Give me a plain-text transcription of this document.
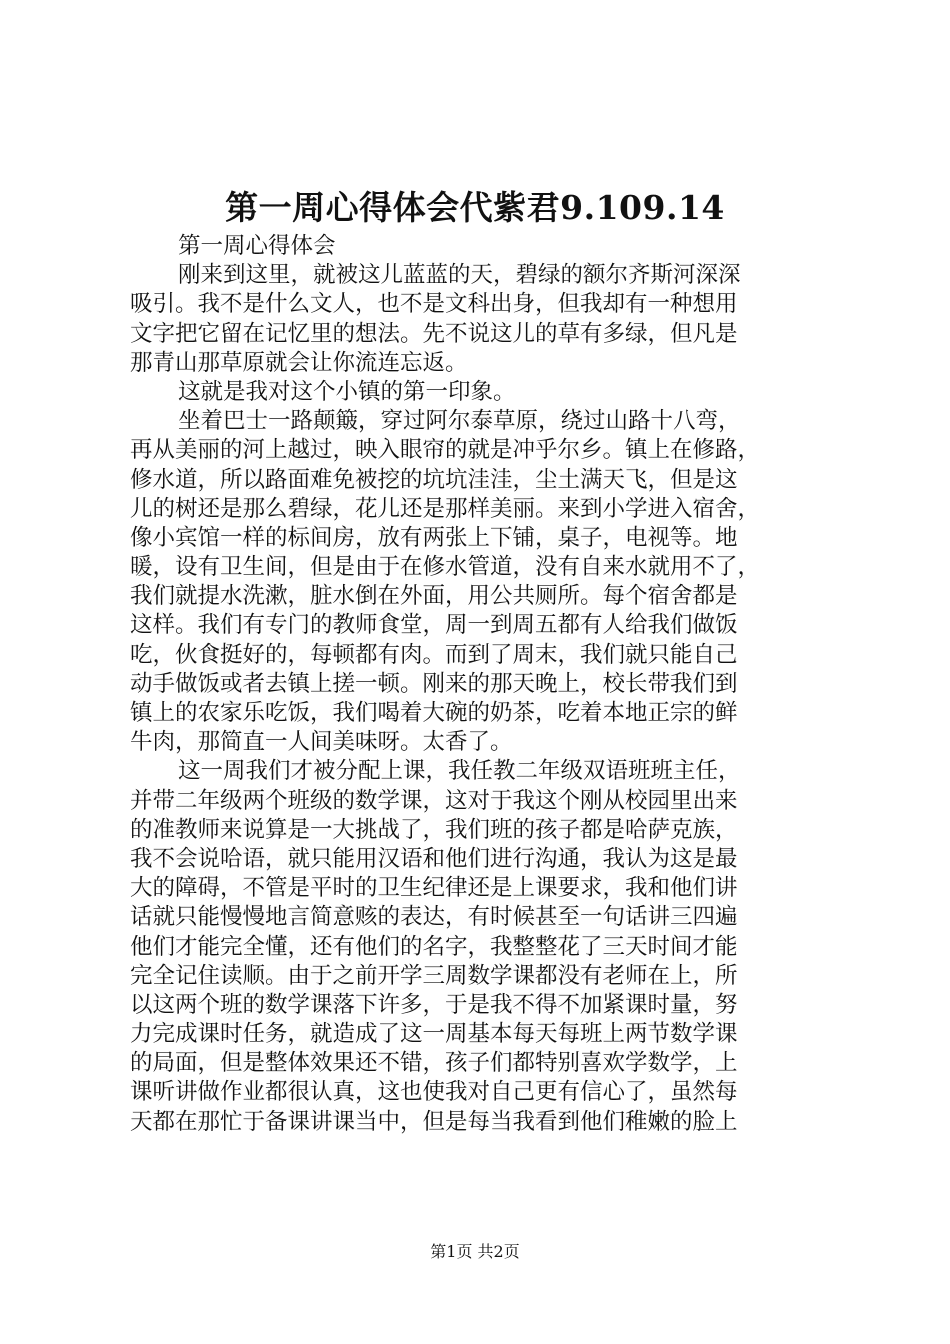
第一周心得体会代紫君9.109.14
第一周心得体会
刚来到这里，就被这儿蓝蓝的天，碧绿的额尔齐斯河深深
吸引。我不是什么文人，也不是文科出身，但我却有一种想用
文字把它留在记忆里的想法。先不说这儿的草有多绿，但凡是
那青山那草原就会让你流连忘返。
这就是我对这个小镇的第一印象。
坐着巴士一路颠簸，穿过阿尔泰草原，绕过山路十八弯，
再从美丽的河上越过，映入眼帘的就是冲乎尔乡。镇上在修路，
修水道，所以路面难免被挖的坑坑洼洼，尘土满天飞，但是这
儿的树还是那么碧绿，花儿还是那样美丽。来到小学进入宿舍，
像小宾馆一样的标间房，放有两张上下铺，桌子，电视等。地
暖，设有卫生间，但是由于在修水管道，没有自来水就用不了，
我们就提水洗漱，脏水倒在外面，用公共厕所。每个宿舍都是
这样。我们有专门的教师食堂，周一到周五都有人给我们做饭
吃，伙食挺好的，每顿都有肉。而到了周末，我们就只能自己
动手做饭或者去镇上搓一顿。刚来的那天晚上，校长带我们到
镇上的农家乐吃饭，我们喝着大碗的奶茶，吃着本地正宗的鲜
牛肉，那简直一人间美味呀。太香了。
这一周我们才被分配上课，我任教二年级双语班班主任，
并带二年级两个班级的数学课，这对于我这个刚从校园里出来
的准教师来说算是一大挑战了，我们班的孩子都是哈萨克族，
我不会说哈语，就只能用汉语和他们进行沟通，我认为这是最
大的障碍，不管是平时的卫生纪律还是上课要求，我和他们讲
话就只能慢慢地言简意赅的表达，有时候甚至一句话讲三四遍
他们才能完全懂，还有他们的名字，我整整花了三天时间才能
完全记住读顺。由于之前开学三周数学课都没有老师在上，所
以这两个班的数学课落下许多，于是我不得不加紧课时量，努
力完成课时任务，就造成了这一周基本每天每班上两节数学课
的局面，但是整体效果还不错，孩子们都特别喜欢学数学，上
课听讲做作业都很认真，这也使我对自己更有信心了，虽然每
天都在那忙于备课讲课当中，但是每当我看到他们稚嫩的脸上
第1页 共2页
